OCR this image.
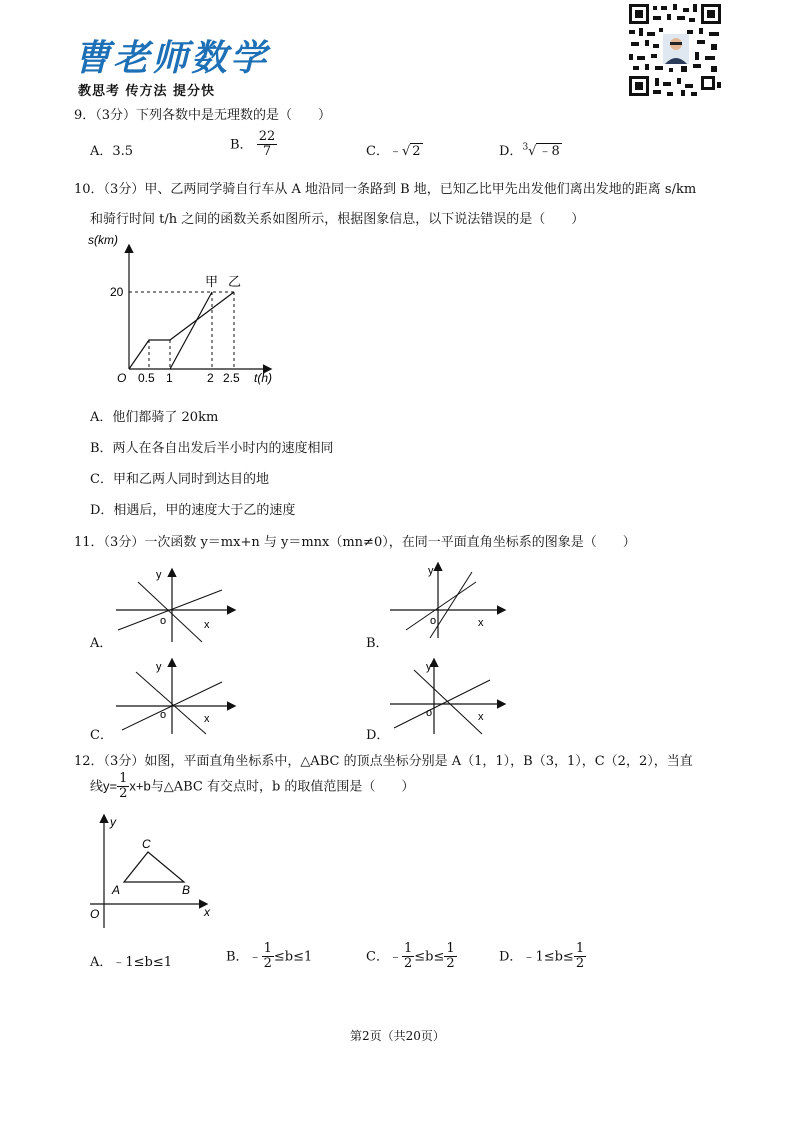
曹老师数学
教思考 传方法 提分快
9．（3分）下列各数中是无理数的是（　　）
A．3.5	B． $\frac{22}{7}$	C．﹣√ 2	D．$^3$√ ﹣8
10．（3分）甲、乙两同学骑自行车从 A 地沿同一条路到 B 地，已知乙比甲先出发他们离出发地的距离 s/km
和骑行时间 t/h 之间的函数关系如图所示，根据图象信息，以下说法错误的是（　　）
s(km)
20
O 0.5 1	2 2.5 t(h)
甲 乙
A．他们都骑了 20km
B．两人在各自出发后半小时内的速度相同
C．甲和乙两人同时到达目的地
D．相遇后，甲的速度大于乙的速度
11．（3分）一次函数 y＝mx+n 与 y＝mnx（mn≠0），在同一平面直角坐标系的图象是（　　）
y
x
o
A．
y
x
o
B．
y
x
o
C．
y
x
o
D．
12．（3分）如图，平面直角坐标系中，△ABC 的顶点坐标分别是 A（1，1），B（3，1），C（2，2），当直
线$y= \frac{1}{2} x+b$与△ABC 有交点时，b 的取值范围是（　　）
y
x
O
A	B
C
A．﹣1≤b≤1	B．﹣ $\frac{1}{2} \le b\le 1$	C．﹣ $\frac{1}{2} \le b\le \frac{1}{2}$	D．﹣1≤b≤ $\frac{1}{2}$
第2页（共20页）
